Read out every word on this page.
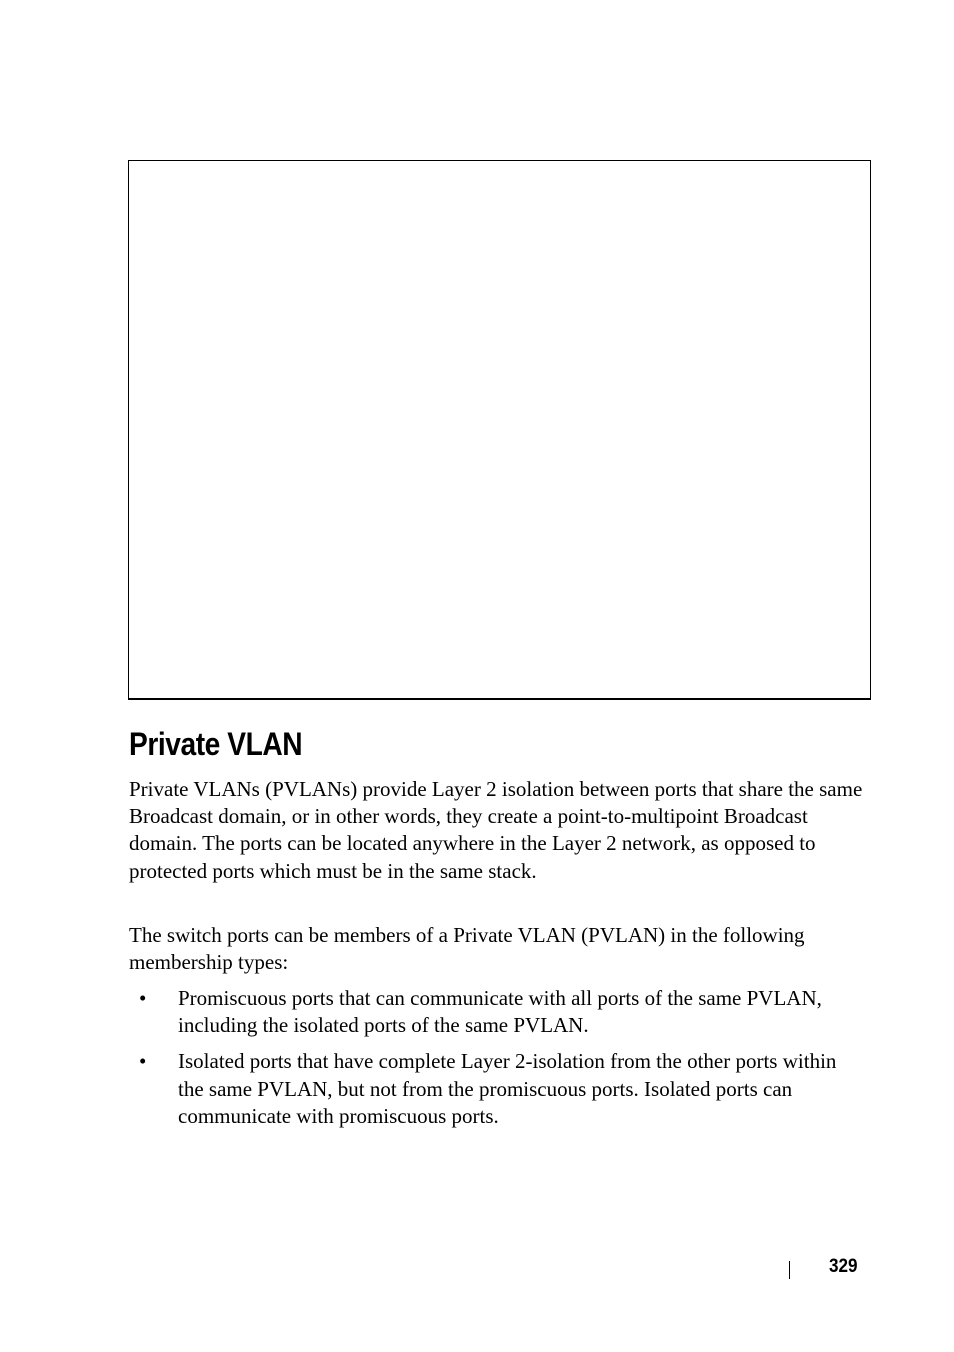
Private VLAN

Private VLANs (PVLANs) provide Layer 2 isolation between ports that share the same Broadcast domain, or in other words, they create a point-to-multipoint Broadcast domain. The ports can be located anywhere in the Layer 2 network, as opposed to protected ports which must be in the same stack.

The switch ports can be members of a Private VLAN (PVLAN) in the following membership types:

• Promiscuous ports that can communicate with all ports of the same PVLAN, including the isolated ports of the same PVLAN.
• Isolated ports that have complete Layer 2-isolation from the other ports within the same PVLAN, but not from the promiscuous ports. Isolated ports can communicate with promiscuous ports.
329
